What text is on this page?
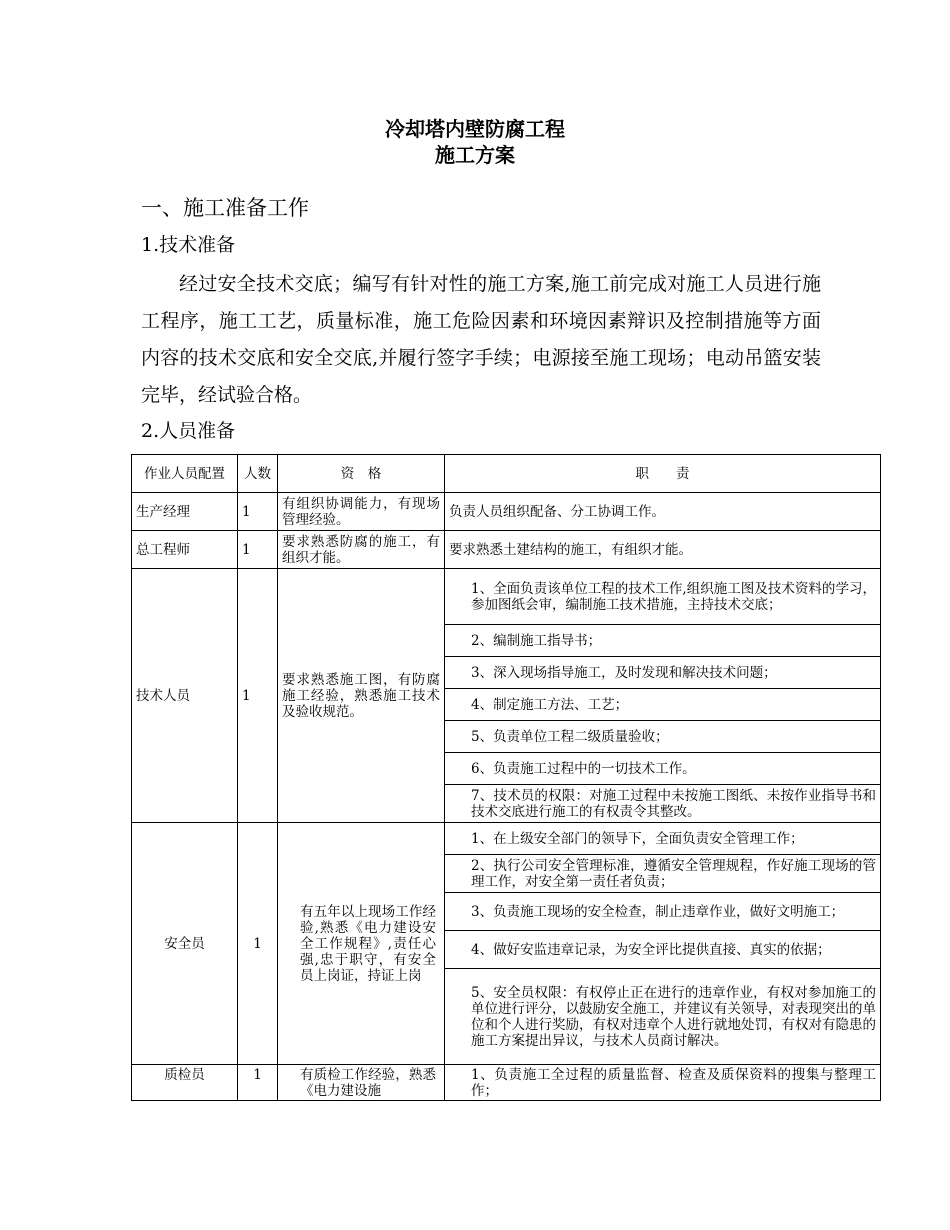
冷却塔内壁防腐工程
施工方案
一、施工准备工作
1.技术准备
经过安全技术交底；编写有针对性的施工方案,施工前完成对施工人员进行施工程序，施工工艺，质量标准，施工危险因素和环境因素辩识及控制措施等方面内容的技术交底和安全交底,并履行签字手续；电源接至施工现场；电动吊篮安装完毕，经试验合格。
2.人员准备
作业人员配置	人数	资　格	职　　责
生产经理	1	有组织协调能力，有现场管理经验。	负责人员组织配备、分工协调工作。
总工程师	1	要求熟悉防腐的施工，有组织才能。	要求熟悉土建结构的施工，有组织才能。
技术人员	1	要求熟悉施工图，有防腐施工经验，熟悉施工技术及验收规范。	1、全面负责该单位工程的技术工作,组织施工图及技术资料的学习，参加图纸会审，编制施工技术措施，主持技术交底；
			2、编制施工指导书；
			3、深入现场指导施工，及时发现和解决技术问题；
			4、制定施工方法、工艺；
			5、负责单位工程二级质量验收；
			6、负责施工过程中的一切技术工作。
			7、技术员的权限：对施工过程中未按施工图纸、未按作业指导书和技术交底进行施工的有权责令其整改。
安全员	1	有五年以上现场工作经验,熟悉《电力建设安全工作规程》,责任心强,忠于职守，有安全员上岗证，持证上岗	1、在上级安全部门的领导下，全面负责安全管理工作；
			2、执行公司安全管理标准，遵循安全管理规程，作好施工现场的管理工作，对安全第一责任者负责；
			3、负责施工现场的安全检查，制止违章作业，做好文明施工；
			4、做好安监违章记录，为安全评比提供直接、真实的依据；
			5、安全员权限：有权停止正在进行的违章作业，有权对参加施工的单位进行评分，以鼓励安全施工，并建议有关领导，对表现突出的单位和个人进行奖励，有权对违章个人进行就地处罚，有权对有隐患的施工方案提出异议，与技术人员商讨解决。
质检员	1	有质检工作经验，熟悉《电力建设施	1、负责施工全过程的质量监督、检查及质保资料的搜集与整理工作；
